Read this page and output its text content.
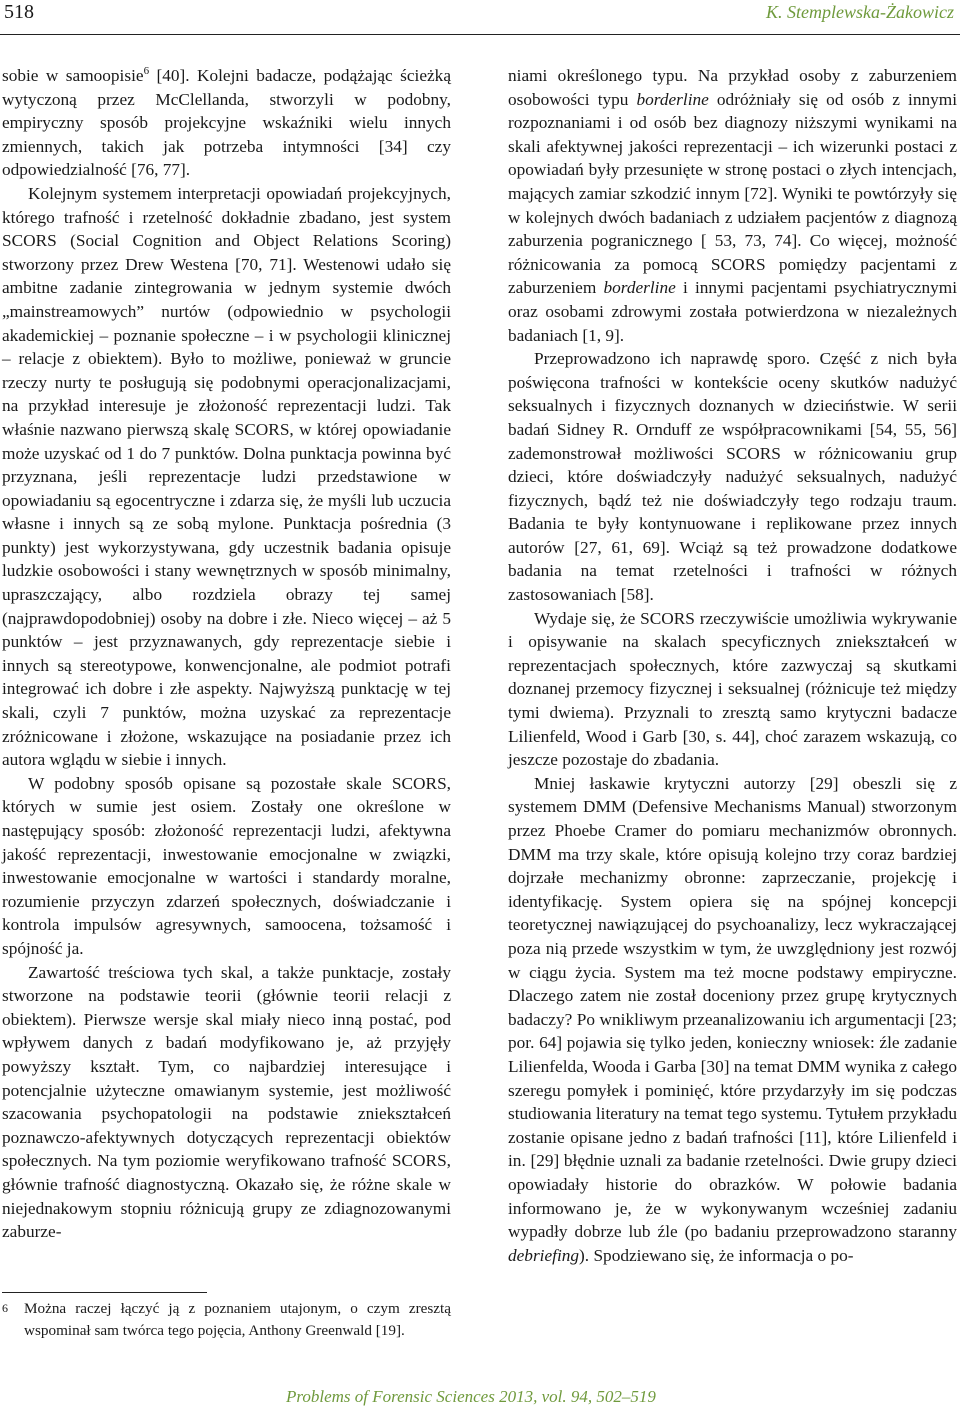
518	K. Stemplewska-Żakowicz

sobie w samoopisie$^6$ [40]. Kolejni badacze, podążając ścieżką wytyczoną przez McClellanda, stworzyli w podobny, empiryczny sposób projekcyjne wskaźniki wielu innych zmiennych, takich jak potrzeba intymności [34] czy odpowiedzialność [76, 77].

Kolejnym systemem interpretacji opowiadań projekcyjnych, którego trafność i rzetelność dokładnie zbadano, jest system SCORS (Social Cognition and Object Relations Scoring) stworzony przez Drew Westena [70, 71]. Westenowi udało się ambitne zadanie zintegrowania w jednym systemie dwóch „mainstreamowych” nurtów (odpowiednio w psychologii akademickiej – poznanie społeczne – i w psychologii klinicznej – relacje z obiektem). Było to możliwe, ponieważ w gruncie rzeczy nurty te posługują się podobnymi operacjonalizacjami, na przykład interesuje je złożoność reprezentacji ludzi. Tak właśnie nazwano pierwszą skalę SCORS, w której opowiadanie może uzyskać od 1 do 7 punktów. Dolna punktacja powinna być przyznana, jeśli reprezentacje ludzi przedstawione w opowiadaniu są egocentryczne i zdarza się, że myśli lub uczucia własne i innych są ze sobą mylone. Punktacja pośrednia (3 punkty) jest wykorzystywana, gdy uczestnik badania opisuje ludzkie osobowości i stany wewnętrznych w sposób minimalny, upraszczający, albo rozdziela obrazy tej samej (najprawdopodobniej) osoby na dobre i złe. Nieco więcej – aż 5 punktów – jest przyznawanych, gdy reprezentacje siebie i innych są stereotypowe, konwencjonalne, ale podmiot potrafi integrować ich dobre i złe aspekty. Najwyższą punktację w tej skali, czyli 7 punktów, można uzyskać za reprezentacje zróżnicowane i złożone, wskazujące na posiadanie przez ich autora wglądu w siebie i innych.

W podobny sposób opisane są pozostałe skale SCORS, których w sumie jest osiem. Zostały one określone w następujący sposób: złożoność reprezentacji ludzi, afektywna jakość reprezentacji, inwestowanie emocjonalne w związki, inwestowanie emocjonalne w wartości i standardy moralne, rozumienie przyczyn zdarzeń społecznych, doświadczanie i kontrola impulsów agresywnych, samoocena, tożsamość i spójność ja.

Zawartość treściowa tych skal, a także punktacje, zostały stworzone na podstawie teorii (głównie teorii relacji z obiektem). Pierwsze wersje skal miały nieco inną postać, pod wpływem danych z badań modyfikowano je, aż przyjęły powyższy kształt. Tym, co najbardziej interesujące i potencjalnie użyteczne omawianym systemie, jest możliwość szacowania psychopatologii na podstawie zniekształceń poznawczo-afektywnych dotyczących reprezentacji obiektów społecznych. Na tym poziomie weryfikowano trafność SCORS, głównie trafność diagnostyczną. Okazało się, że różne skale w niejednakowym stopniu różnicują grupy ze zdiagnozowanymi zaburze-

niami określonego typu. Na przykład osoby z zaburzeniem osobowości typu borderline odróżniały się od osób z innymi rozpoznaniami i od osób bez diagnozy niższymi wynikami na skali afektywnej jakości reprezentacji – ich wizerunki postaci z opowiadań były przesunięte w stronę postaci o złych intencjach, mających zamiar szkodzić innym [72]. Wyniki te powtórzyły się w kolejnych dwóch badaniach z udziałem pacjentów z diagnozą zaburzenia pogranicznego [ 53, 73, 74]. Co więcej, możność różnicowania za pomocą SCORS pomiędzy pacjentami z zaburzeniem borderline i innymi pacjentami psychiatrycznymi oraz osobami zdrowymi została potwierdzona w niezależnych badaniach [1, 9].

Przeprowadzono ich naprawdę sporo. Część z nich była poświęcona trafności w kontekście oceny skutków nadużyć seksualnych i fizycznych doznanych w dzieciństwie. W serii badań Sidney R. Ornduff ze współpracownikami [54, 55, 56] zademonstrował możliwości SCORS w różnicowaniu grup dzieci, które doświadczyły nadużyć seksualnych, nadużyć fizycznych, bądź też nie doświadczyły tego rodzaju traum. Badania te były kontynuowane i replikowane przez innych autorów [27, 61, 69]. Wciąż są też prowadzone dodatkowe badania na temat rzetelności i trafności w różnych zastosowaniach [58].

Wydaje się, że SCORS rzeczywiście umożliwia wykrywanie i opisywanie na skalach specyficznych zniekształceń w reprezentacjach społecznych, które zazwyczaj są skutkami doznanej przemocy fizycznej i seksualnej (różnicuje też między tymi dwiema). Przyznali to zresztą samo krytyczni badacze Lilienfeld, Wood i Garb [30, s. 44], choć zarazem wskazują, co jeszcze pozostaje do zbadania.

Mniej łaskawie krytyczni autorzy [29] obeszli się z systemem DMM (Defensive Mechanisms Manual) stworzonym przez Phoebe Cramer do pomiaru mechanizmów obronnych. DMM ma trzy skale, które opisują kolejno trzy coraz bardziej dojrzałe mechanizmy obronne: zaprzeczanie, projekcję i identyfikację. System opiera się na spójnej koncepcji teoretycznej nawiązującej do psychoanalizy, lecz wykraczającej poza nią przede wszystkim w tym, że uwzględniony jest rozwój w ciągu życia. System ma też mocne podstawy empiryczne. Dlaczego zatem nie został doceniony przez grupę krytycznych badaczy? Po wnikliwym przeanalizowaniu ich argumentacji [23; por. 64] pojawia się tylko jeden, konieczny wniosek: źle zadanie Lilienfelda, Wooda i Garba [30] na temat DMM wynika z całego szeregu pomyłek i pominięć, które przydarzyły im się podczas studiowania literatury na temat tego systemu. Tytułem przykładu zostanie opisane jedno z badań trafności [11], które Lilienfeld i in. [29] błędnie uznali za badanie rzetelności. Dwie grupy dzieci opowiadały historie do obrazków. W połowie badania informowano je, że w wykonywanym wcześniej zadaniu wypadły dobrze lub źle (po badaniu przeprowadzono staranny debriefing). Spodziewano się, że informacja o po-

6	Można raczej łączyć ją z poznaniem utajonym, o czym zresztą wspominał sam twórca tego pojęcia, Anthony Greenwald [19].
Problems of Forensic Sciences 2013, vol. 94, 502–519
